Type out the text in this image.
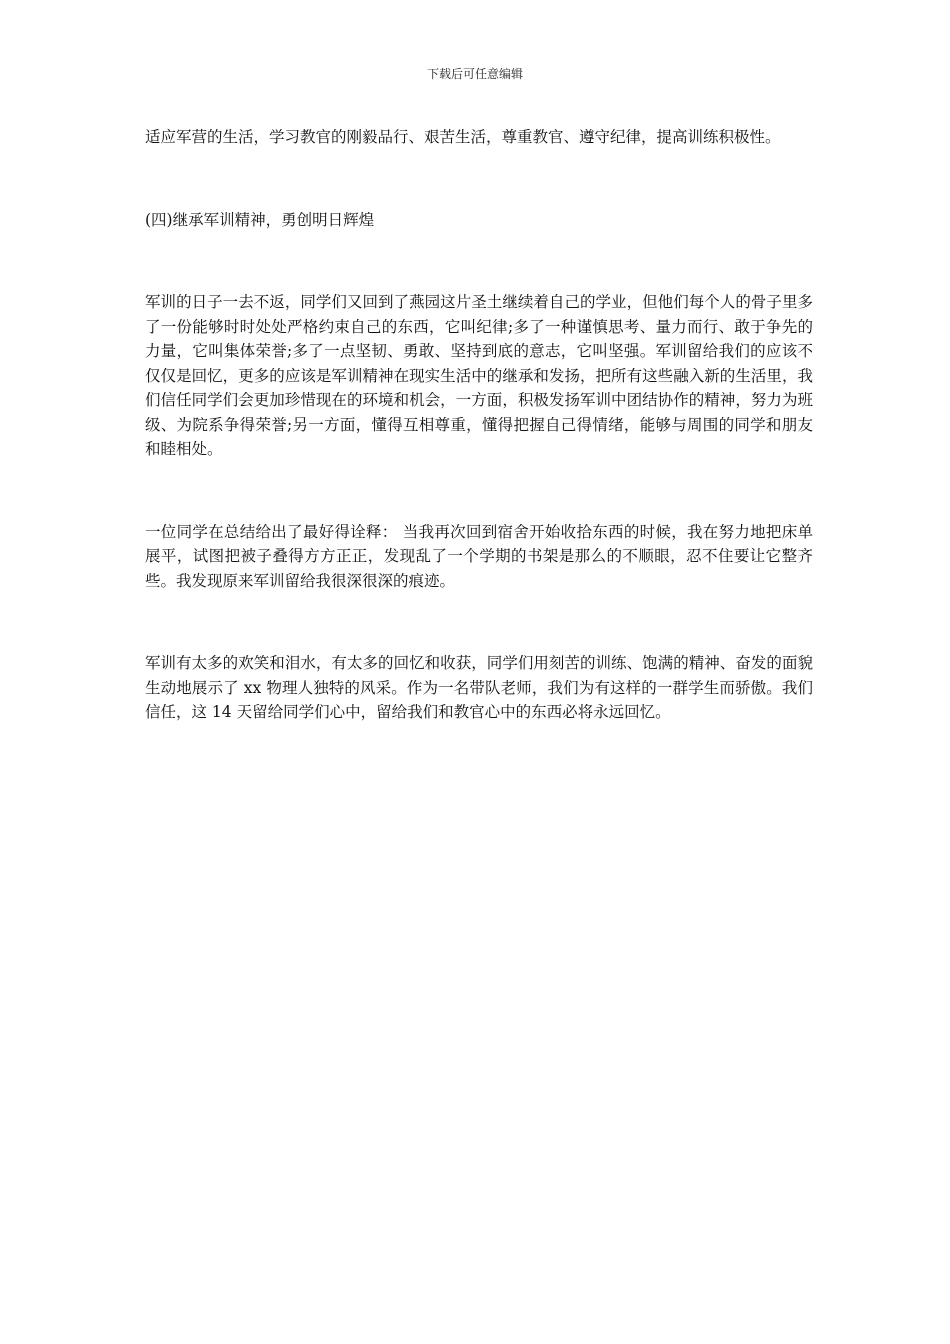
下载后可任意编辑

适应军营的生活，学习教官的刚毅品行、艰苦生活，尊重教官、遵守纪律，提高训练积极性。

(四)继承军训精神，勇创明日辉煌

军训的日子一去不返，同学们又回到了燕园这片圣土继续着自己的学业，但他们每个人的骨子里多了一份能够时时处处严格约束自己的东西，它叫纪律;多了一种谨慎思考、量力而行、敢于争先的力量，它叫集体荣誉;多了一点坚韧、勇敢、坚持到底的意志，它叫坚强。军训留给我们的应该不仅仅是回忆，更多的应该是军训精神在现实生活中的继承和发扬，把所有这些融入新的生活里，我们信任同学们会更加珍惜现在的环境和机会，一方面，积极发扬军训中团结协作的精神，努力为班级、为院系争得荣誉;另一方面，懂得互相尊重，懂得把握自己得情绪，能够与周围的同学和朋友和睦相处。

一位同学在总结给出了最好得诠释： 当我再次回到宿舍开始收拾东西的时候，我在努力地把床单展平，试图把被子叠得方方正正，发现乱了一个学期的书架是那么的不顺眼，忍不住要让它整齐些。我发现原来军训留给我很深很深的痕迹。

军训有太多的欢笑和泪水，有太多的回忆和收获，同学们用刻苦的训练、饱满的精神、奋发的面貌生动地展示了 xx 物理人独特的风采。作为一名带队老师，我们为有这样的一群学生而骄傲。我们信任，这 14 天留给同学们心中，留给我们和教官心中的东西必将永远回忆。
